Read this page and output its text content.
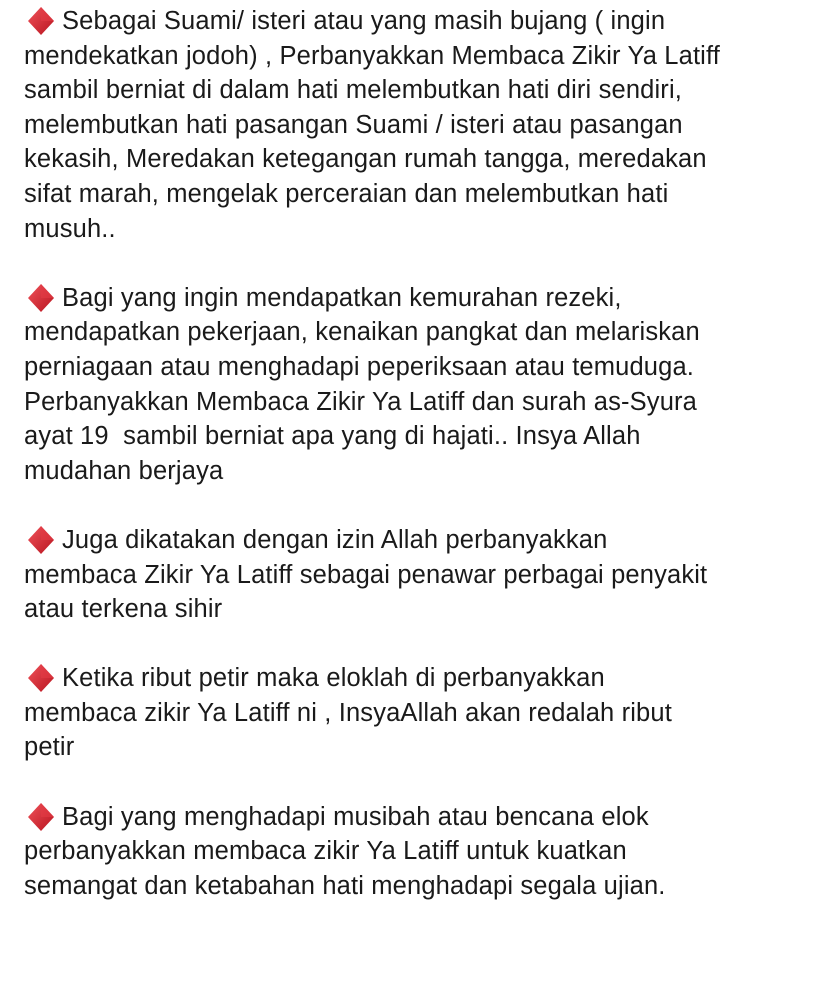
Sebagai Suami/ isteri atau yang masih bujang ( ingin
mendekatkan jodoh) , Perbanyakkan Membaca Zikir Ya Latiff
sambil berniat di dalam hati melembutkan hati diri sendiri,
melembutkan hati pasangan Suami / isteri atau pasangan
kekasih, Meredakan ketegangan rumah tangga, meredakan
sifat marah, mengelak perceraian dan melembutkan hati
musuh..
Bagi yang ingin mendapatkan kemurahan rezeki,
mendapatkan pekerjaan, kenaikan pangkat dan melariskan
perniagaan atau menghadapi peperiksaan atau temuduga.
Perbanyakkan Membaca Zikir Ya Latiff dan surah as-Syura
ayat 19  sambil berniat apa yang di hajati.. Insya Allah
mudahan berjaya
Juga dikatakan dengan izin Allah perbanyakkan
membaca Zikir Ya Latiff sebagai penawar perbagai penyakit
atau terkena sihir
Ketika ribut petir maka eloklah di perbanyakkan
membaca zikir Ya Latiff ni , InsyaAllah akan redalah ribut
petir
Bagi yang menghadapi musibah atau bencana elok
perbanyakkan membaca zikir Ya Latiff untuk kuatkan
semangat dan ketabahan hati menghadapi segala ujian.
